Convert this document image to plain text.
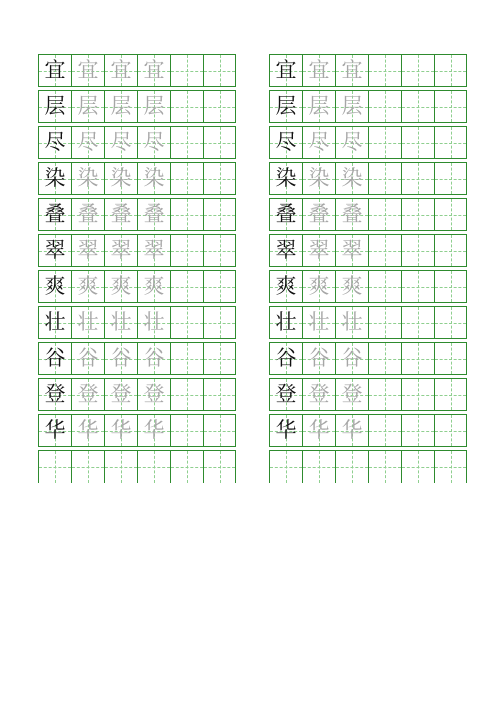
宜 宜 宜 宜	宜 宜 宜
层 层 层 层	层 层 层
尽 尽 尽 尽	尽 尽 尽
染 染 染 染	染 染 染
叠 叠 叠 叠	叠 叠 叠
翠 翠 翠 翠	翠 翠 翠
爽 爽 爽 爽	爽 爽 爽
壮 壮 壮 壮	壮 壮 壮
谷 谷 谷 谷	谷 谷 谷
登 登 登 登	登 登 登
华 华 华 华	华 华 华
